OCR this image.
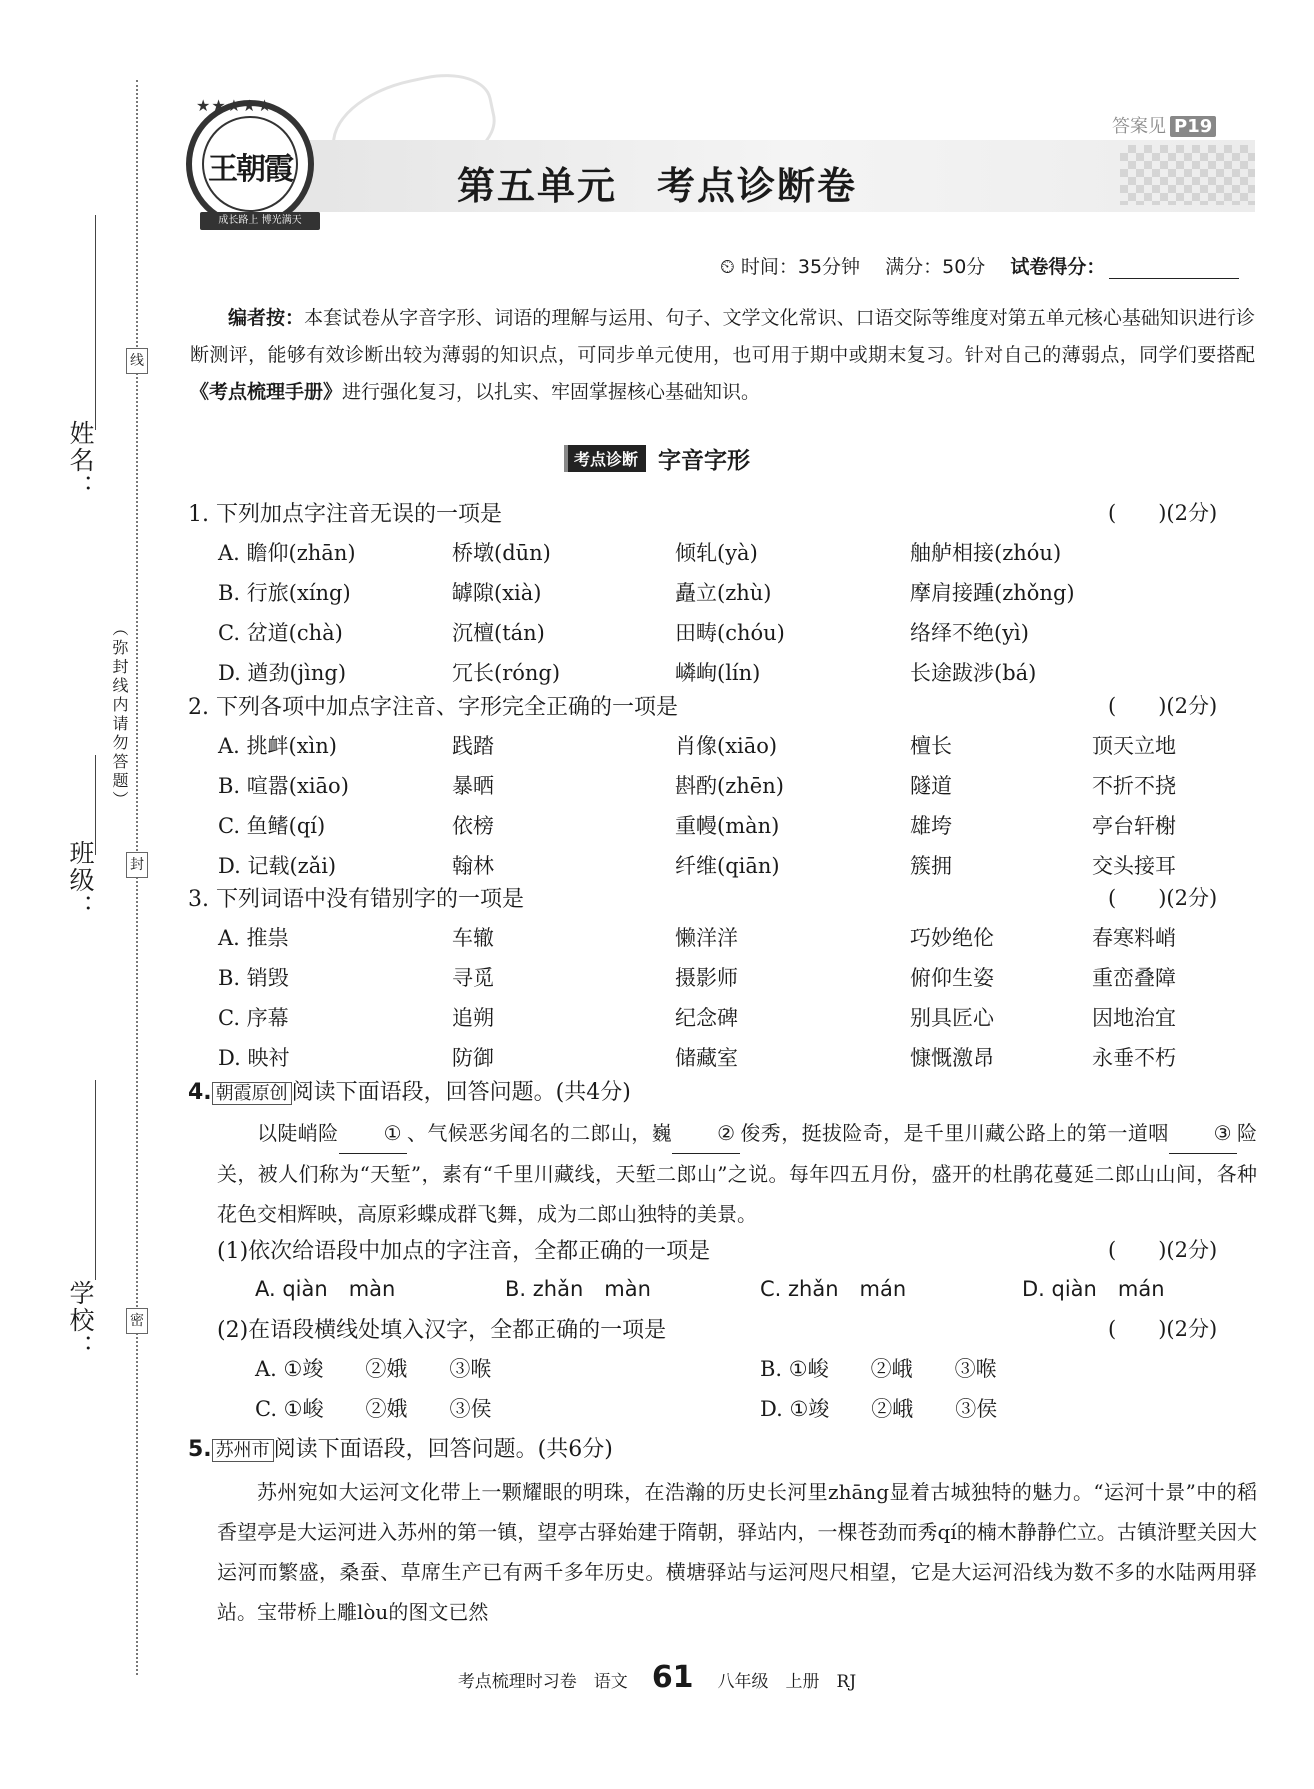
姓名：
班级：
学校：
线
封
密
（弥封线内请勿答题）
王朝霞
★★★★★
成长路上 博光满天
答案见 P19
第五单元　考点诊断卷
⏲ 时间：35分钟　 满分：50分　 试卷得分：
编者按：本套试卷从字音字形、词语的理解与运用、句子、文学文化常识、口语交际等维度对第五单元核心基础知识进行诊断测评，能够有效诊断出较为薄弱的知识点，可同步单元使用，也可用于期中或期末复习。针对自己的薄弱点，同学们要搭配《考点梳理手册》进行强化复习，以扎实、牢固掌握核心基础知识。
考点诊断 字音字形
1. 下列加点字注音无误的一项是	(　　)(2分)
A. 瞻仰(zhān)	桥墩(dūn)	倾轧(yà)	舳舻相接(zhóu)
B. 行旅(xíng)	罅隙(xià)	矗立(zhù)	摩肩接踵(zhǒng)
C. 岔道(chà)	沉檀(tán)	田畴(chóu)	络绎不绝(yì)
D. 遒劲(jìng)	冗长(róng)	嶙峋(lín)	长途跋涉(bá)
2. 下列各项中加点字注音、字形完全正确的一项是	(　　)(2分)
A. 挑衅(xìn)	践踏	肖像(xiāo)	檀长	顶天立地
B. 喧嚣(xiāo)	暴晒	斟酌(zhēn)	隧道	不折不挠
C. 鱼鳍(qí)	依榜	重幔(màn)	雄垮	亭台轩榭
D. 记载(zǎi)	翰林	纤维(qiān)	簇拥	交头接耳
3. 下列词语中没有错别字的一项是	(　　)(2分)
A. 推祟	车辙	懒洋洋	巧妙绝伦	春寒料峭
B. 销毁	寻觅	摄影师	俯仰生姿	重峦叠障
C. 序幕	追朔	纪念碑	别具匠心	因地治宜
D. 映衬	防御	储藏室	慷慨激昂	永垂不朽
4. 朝霞原创 阅读下面语段，回答问题。(共4分)
以陡峭险 ① 、气候恶劣闻名的二郎山，巍 ② 俊秀，挺拔险奇，是千里川藏公路上的第一道咽 ③ 险关，被人们称为“天堑”，素有“千里川藏线，天堑二郎山”之说。每年四五月份，盛开的杜鹃花蔓延二郎山山间，各种花色交相辉映，高原彩蝶成群飞舞，成为二郎山独特的美景。
(1)依次给语段中加点的字注音，全都正确的一项是	(　　)(2分)
A. qiàn　màn	B. zhǎn　màn	C. zhǎn　mán	D. qiàn　mán
(2)在语段横线处填入汉字，全都正确的一项是	(　　)(2分)
A. ①竣　　②娥　　③喉	B. ①峻　　②峨　　③喉
C. ①峻　　②娥　　③侯	D. ①竣　　②峨　　③侯
5. 苏州市 阅读下面语段，回答问题。(共6分)
苏州宛如大运河文化带上一颗耀眼的明珠，在浩瀚的历史长河里zhāng显着古城独特的魅力。“运河十景”中的稻香望亭是大运河进入苏州的第一镇，望亭古驿始建于隋朝，驿站内，一棵苍劲而秀qí的楠木静静伫立。古镇浒墅关因大运河而繁盛，桑蚕、草席生产已有两千多年历史。横塘驿站与运河咫尺相望，它是大运河沿线为数不多的水陆两用驿站。宝带桥上雕lòu的图文已然
考点梳理时习卷　语文 61 八年级　上册　RJ
